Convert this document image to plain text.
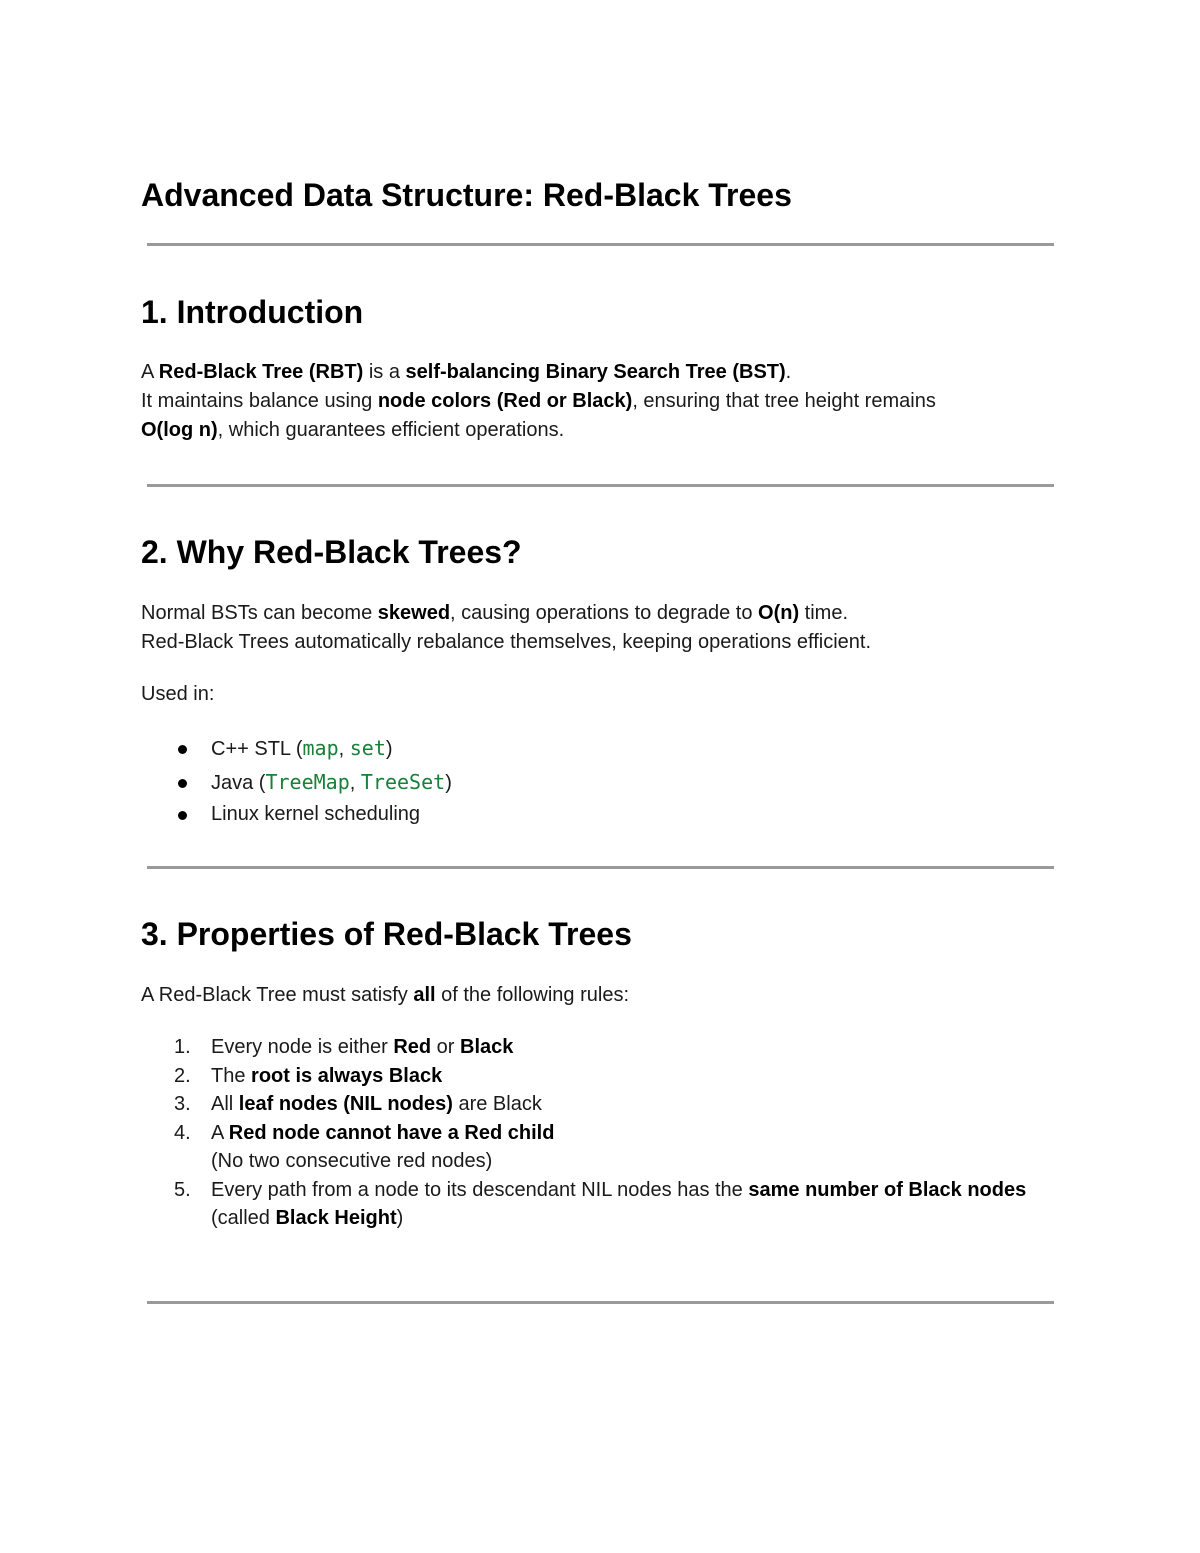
Advanced Data Structure: Red-Black Trees
1. Introduction

A Red-Black Tree (RBT) is a self-balancing Binary Search Tree (BST).
It maintains balance using node colors (Red or Black), ensuring that tree height remains
O(log n), which guarantees efficient operations.

2. Why Red-Black Trees?

Normal BSTs can become skewed, causing operations to degrade to O(n) time.
Red-Black Trees automatically rebalance themselves, keeping operations efficient.

Used in:

C++ STL (map, set)
Java (TreeMap, TreeSet)
Linux kernel scheduling
3. Properties of Red-Black Trees

A Red-Black Tree must satisfy all of the following rules:

1. Every node is either Red or Black
2. The root is always Black
3. All leaf nodes (NIL nodes) are Black
4. A Red node cannot have a Red child
(No two consecutive red nodes)
5. Every path from a node to its descendant NIL nodes has the same number of Black nodes
(called Black Height)
